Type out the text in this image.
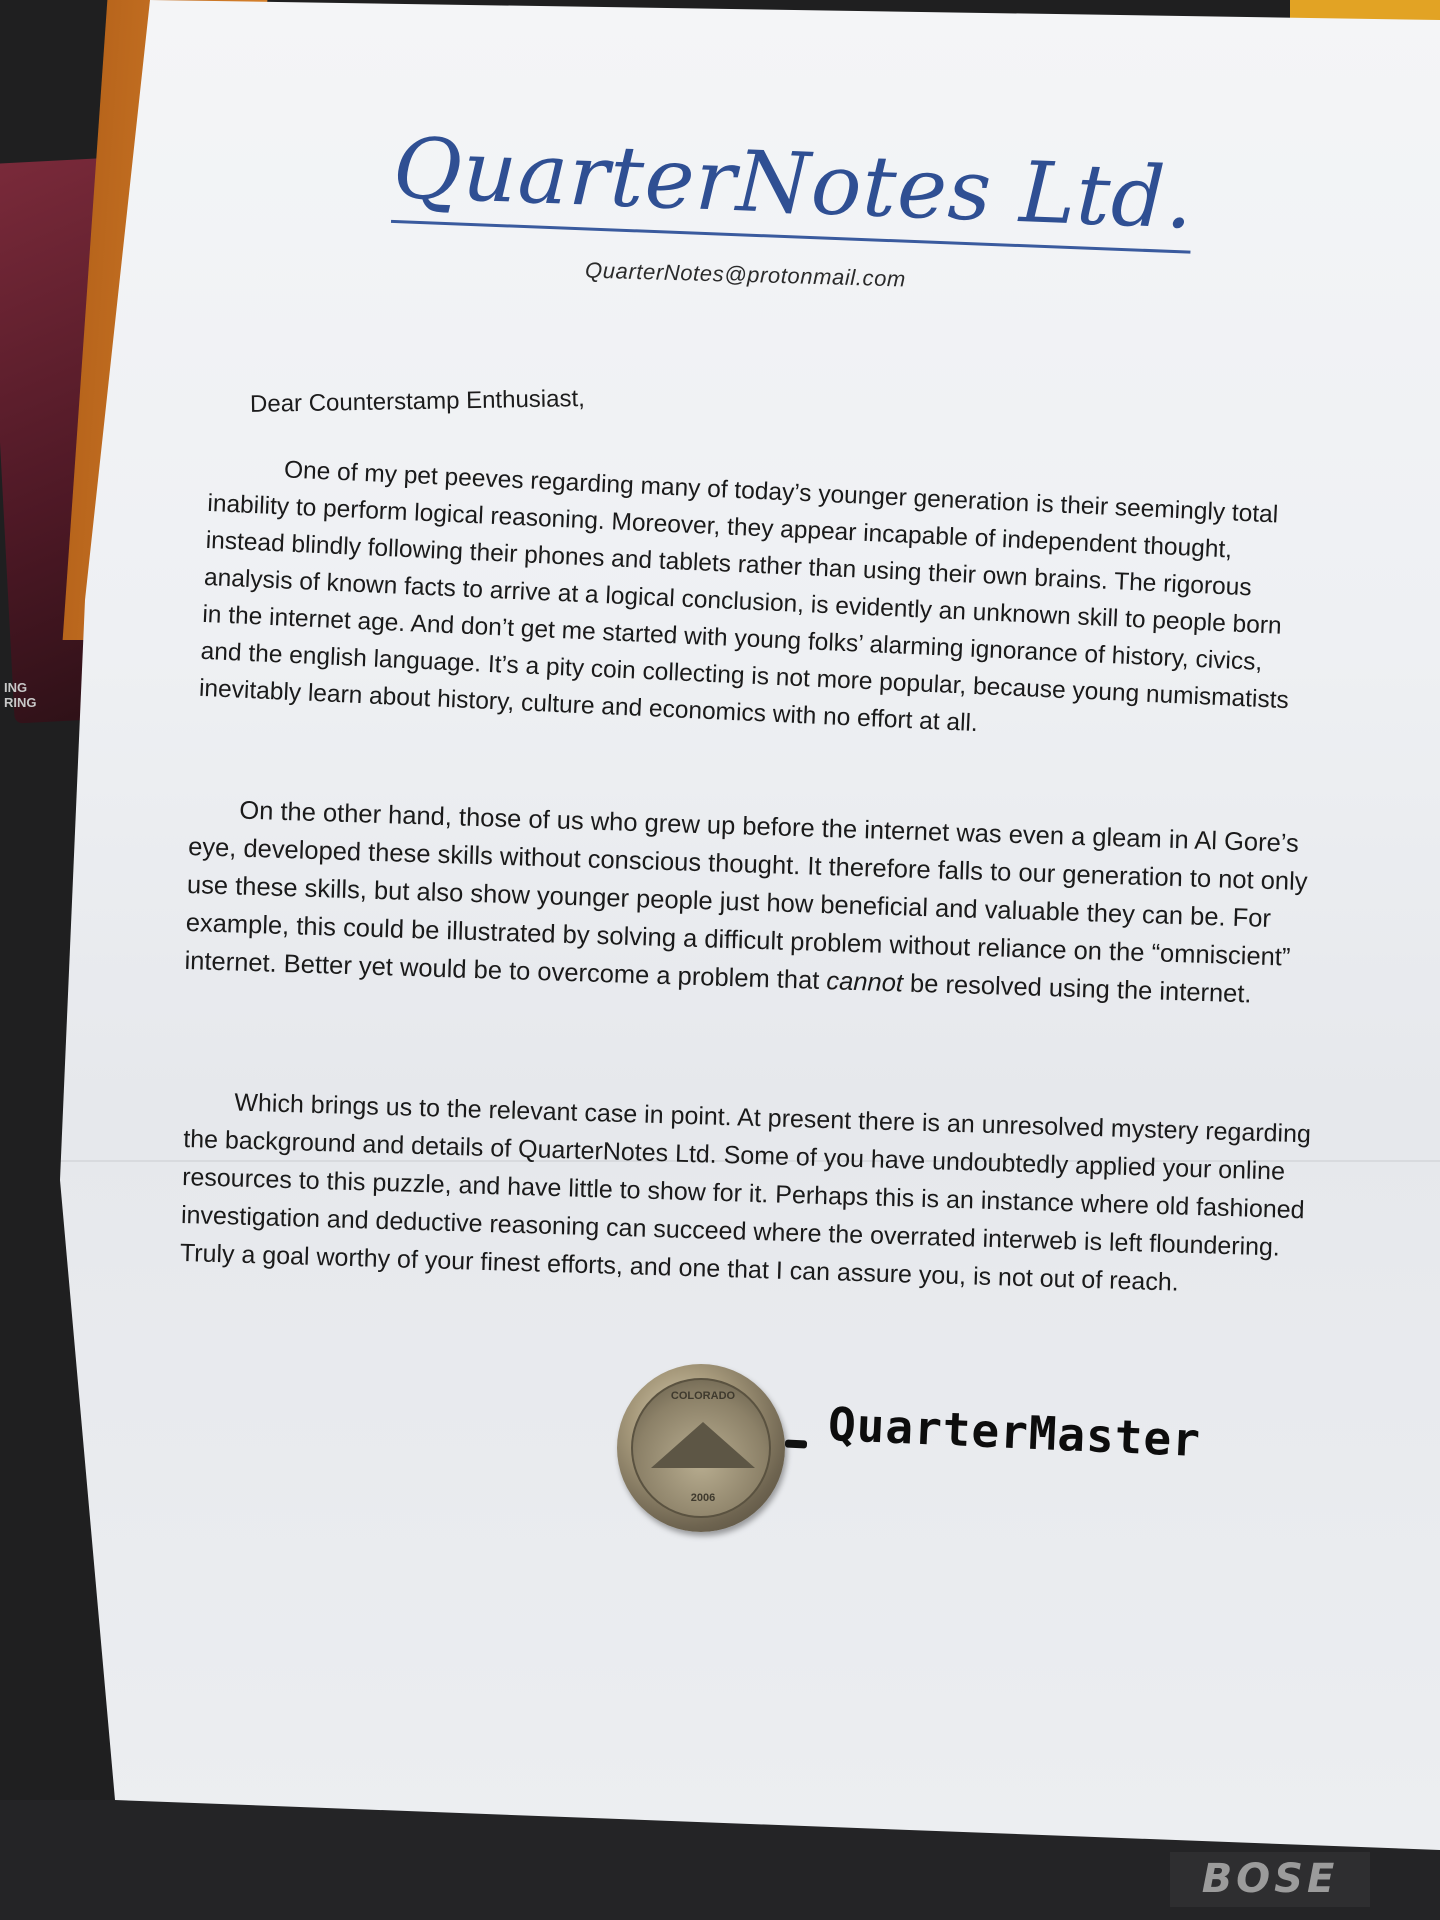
ING
RING
BOSE
QuarterNotes Ltd.
QuarterNotes@protonmail.com
Dear Counterstamp Enthusiast,

One of my pet peeves regarding many of today’s younger generation is their seemingly total inability to perform logical reasoning. Moreover, they appear incapable of independent thought, instead blindly following their phones and tablets rather than using their own brains. The rigorous analysis of known facts to arrive at a logical conclusion, is evidently an unknown skill to people born in the internet age. And don’t get me started with young folks’ alarming ignorance of history, civics, and the english language. It’s a pity coin collecting is not more popular, because young numismatists inevitably learn about history, culture and economics with no effort at all.

On the other hand, those of us who grew up before the internet was even a gleam in Al Gore’s eye, developed these skills without conscious thought. It therefore falls to our generation to not only use these skills, but also show younger people just how beneficial and valuable they can be. For example, this could be illustrated by solving a difficult problem without reliance on the “omniscient” internet. Better yet would be to overcome a problem that cannot be resolved using the internet.

Which brings us to the relevant case in point. At present there is an unresolved mystery regarding the background and details of QuarterNotes Ltd. Some of you have undoubtedly applied your online resources to this puzzle, and have little to show for it. Perhaps this is an instance where old fashioned investigation and deductive reasoning can succeed where the overrated interweb is left floundering. Truly a goal worthy of your finest efforts, and one that I can assure you, is not out of reach.

COLORADO
2006
QuarterMaster
